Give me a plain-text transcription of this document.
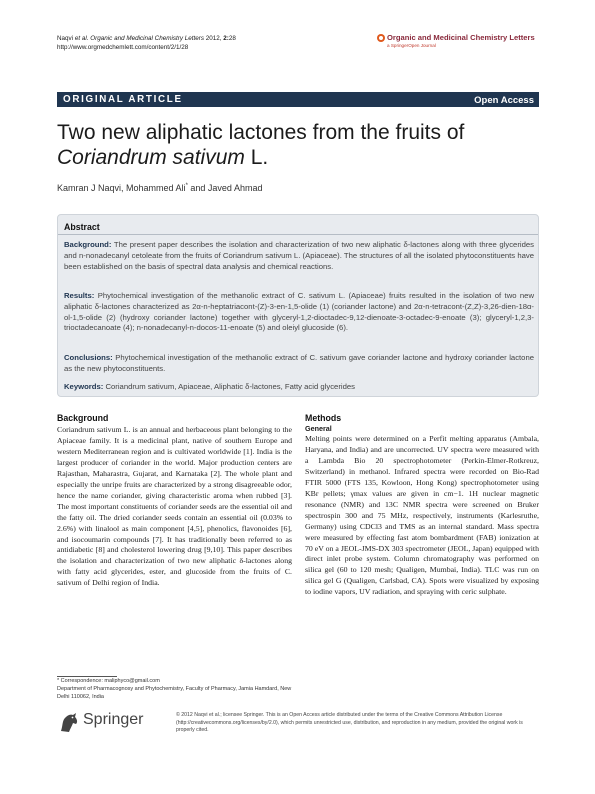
Naqvi et al. Organic and Medicinal Chemistry Letters 2012, 2:28
http://www.orgmedchemlett.com/content/2/1/28
Organic and Medicinal Chemistry Letters
a SpringerOpen Journal
ORIGINAL ARTICLE	Open Access
Two new aliphatic lactones from the fruits of
Coriandrum sativum L.
Kamran J Naqvi, Mohammed Ali* and Javed Ahmad
Abstract
Background: The present paper describes the isolation and characterization of two new aliphatic δ-lactones along with three glycerides and n-nonadecanyl cetoleate from the fruits of Coriandrum sativum L. (Apiaceae). The structures of all the isolated phytoconstituents have been established on the basis of spectral data analysis and chemical reactions.
Results: Phytochemical investigation of the methanolic extract of C. sativum L. (Apiaceae) fruits resulted in the isolation of two new aliphatic δ-lactones characterized as 2α-n-heptatriacont-(Z)-3-en-1,5-olide (1) (coriander lactone) and 2α-n-tetracont-(Z,Z)-3,26-dien-18α-ol-1,5-olide (2) (hydroxy coriander lactone) together with glyceryl-1,2-dioctadec-9,12-dienoate-3-octadec-9-enoate (3); glyceryl-1,2,3-trioctadecanoate (4); n-nonadecanyl-n-docos-11-enoate (5) and oleiyl glucoside (6).
Conclusions: Phytochemical investigation of the methanolic extract of C. sativum gave coriander lactone and hydroxy coriander lactone as the new phytoconstituents.
Keywords: Coriandrum sativum, Apiaceae, Aliphatic δ-lactones, Fatty acid glycerides
Background
Coriandrum sativum L. is an annual and herbaceous plant belonging to the Apiaceae family. It is a medicinal plant, native of southern Europe and western Mediterranean region and is cultivated worldwide [1]. India is the largest producer of coriander in the world. Major production centers are Rajasthan, Maharastra, Gujarat, and Karnataka [2]. The whole plant and especially the unripe fruits are characterized by a strong disagreeable odor, hence the name coriander, giving characteristic aroma when rubbed [3]. The most important constituents of coriander seeds are the essential oil and the fatty oil. The dried coriander seeds contain an essential oil (0.03% to 2.6%) with linalool as main component [4,5], phenolics, flavonoides [6], and isocoumarin compounds [7]. It has traditionally been referred to as antidiabetic [8] and cholesterol lowering drug [9,10]. This paper describes the isolation and characterization of two new aliphatic δ-lactones along with fatty acid glycerides, ester, and glucoside from the fruits of C. sativum of Delhi region of India.
Methods
General
Melting points were determined on a Perfit melting apparatus (Ambala, Haryana, and India) and are uncorrected. UV spectra were measured with a Lambda Bio 20 spectrophotometer (Perkin-Elmer-Rotkreuz, Switzerland) in methanol. Infrared spectra were recorded on Bio-Rad FTIR 5000 (FTS 135, Kowloon, Hong Kong) spectrophotometer using KBr pellets; γmax values are given in cm−1. 1H nuclear magnetic resonance (NMR) and 13C NMR spectra were screened on Bruker spectrospin 300 and 75 MHz, respectively, instruments (Karlesruthe, Germany) using CDCl3 and TMS as an internal standard. Mass spectra were measured by effecting fast atom bombardment (FAB) ionization at 70 eV on a JEOL-JMS-DX 303 spectrometer (JEOL, Japan) equipped with direct inlet probe system. Column chromatography was performed on silica gel (60 to 120 mesh; Qualigen, Mumbai, India). TLC was run on silica gel G (Qualigen, Carlsbad, CA). Spots were visualized by exposing to iodine vapors, UV radiation, and spraying with ceric sulphate.
* Correspondence: maliphyco@gmail.com
Department of Pharmacognosy and Phytochemistry, Faculty of Pharmacy, Jamia Hamdard, New Delhi 110062, India
Springer	© 2012 Naqvi et al.; licensee Springer. This is an Open Access article distributed under the terms of the Creative Commons Attribution License (http://creativecommons.org/licenses/by/2.0), which permits unrestricted use, distribution, and reproduction in any medium, provided the original work is properly cited.
